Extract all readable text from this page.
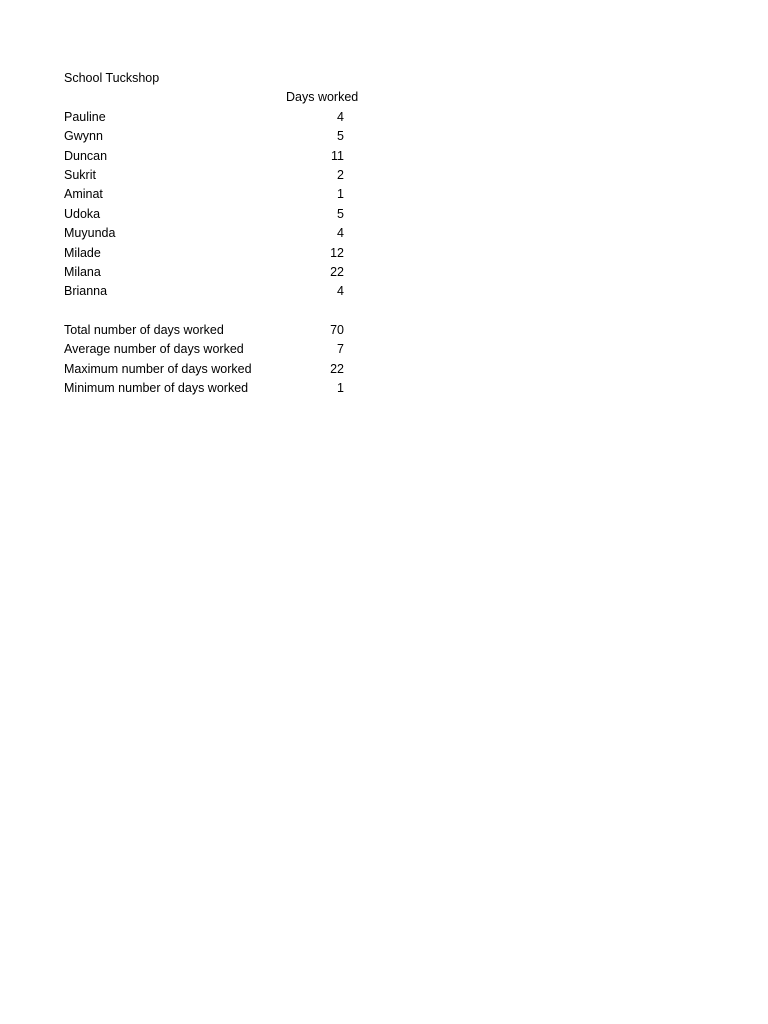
School Tuckshop
Days worked
Pauline	4
Gwynn	5
Duncan	11
Sukrit	2
Aminat	1
Udoka	5
Muyunda	4
Milade	12
Milana	22
Brianna	4
Total number of days worked	70
Average number of days worked	7
Maximum number of days worked	22
Minimum number of days worked	1
